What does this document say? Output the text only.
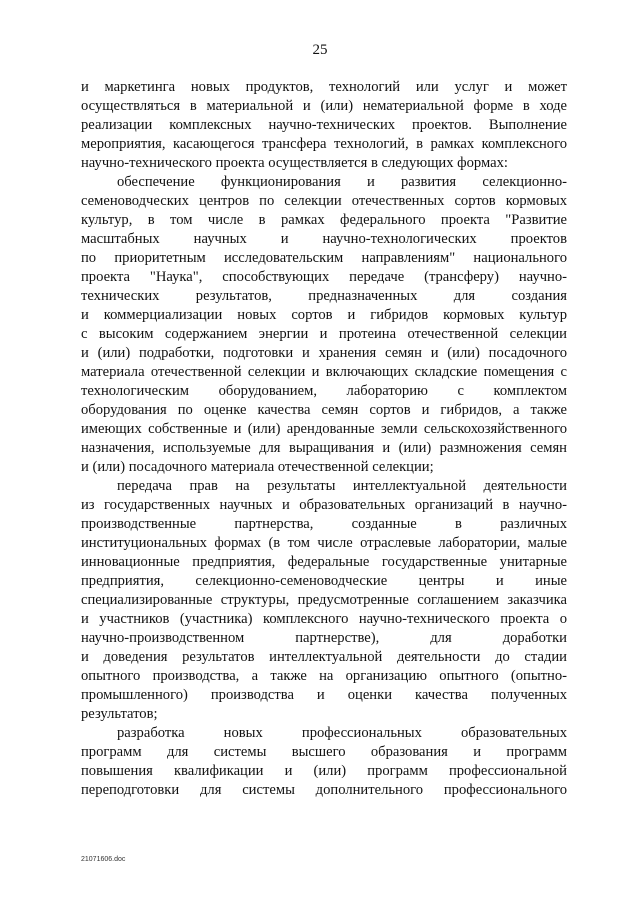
25
и маркетинга новых продуктов, технологий или услуг и может
осуществляться в материальной и (или) нематериальной форме в ходе
реализации комплексных научно-технических проектов. Выполнение
мероприятия, касающегося трансфера технологий, в рамках комплексного
научно-технического проекта осуществляется в следующих формах:
обеспечение функционирования и развития селекционно-
семеноводческих центров по селекции отечественных сортов кормовых
культур, в том числе в рамках федерального проекта "Развитие
масштабных научных и научно-технологических проектов
по приоритетным исследовательским направлениям" национального
проекта "Наука", способствующих передаче (трансферу) научно-
технических результатов, предназначенных для создания
и коммерциализации новых сортов и гибридов кормовых культур
с высоким содержанием энергии и протеина отечественной селекции
и (или) подработки, подготовки и хранения семян и (или) посадочного
материала отечественной селекции и включающих складские помещения с
технологическим оборудованием, лабораторию с комплектом
оборудования по оценке качества семян сортов и гибридов, а также
имеющих собственные и (или) арендованные земли сельскохозяйственного
назначения, используемые для выращивания и (или) размножения семян
и (или) посадочного материала отечественной селекции;
передача прав на результаты интеллектуальной деятельности
из государственных научных и образовательных организаций в научно-
производственные партнерства, созданные в различных
институциональных формах (в том числе отраслевые лаборатории, малые
инновационные предприятия, федеральные государственные унитарные
предприятия, селекционно-семеноводческие центры и иные
специализированные структуры, предусмотренные соглашением заказчика
и участников (участника) комплексного научно-технического проекта о
научно-производственном партнерстве), для доработки
и доведения результатов интеллектуальной деятельности до стадии
опытного производства, а также на организацию опытного (опытно-
промышленного) производства и оценки качества полученных
результатов;
разработка новых профессиональных образовательных
программ для системы высшего образования и программ
повышения квалификации и (или) программ профессиональной
переподготовки для системы дополнительного профессионального
21071606.doc
